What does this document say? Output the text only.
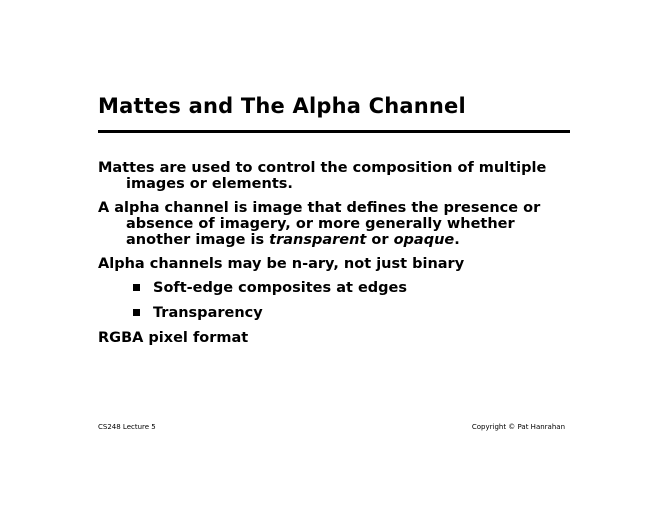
Mattes and The Alpha Channel
Mattes are used to control the composition of multiple images or elements.
A alpha channel is image that defines the presence or absence of imagery, or more generally whether another image is transparent or opaque.
Alpha channels may be n-ary, not just binary
Soft-edge composites at edges
Transparency
RGBA pixel format
CS248 Lecture 5	Copyright © Pat Hanrahan
